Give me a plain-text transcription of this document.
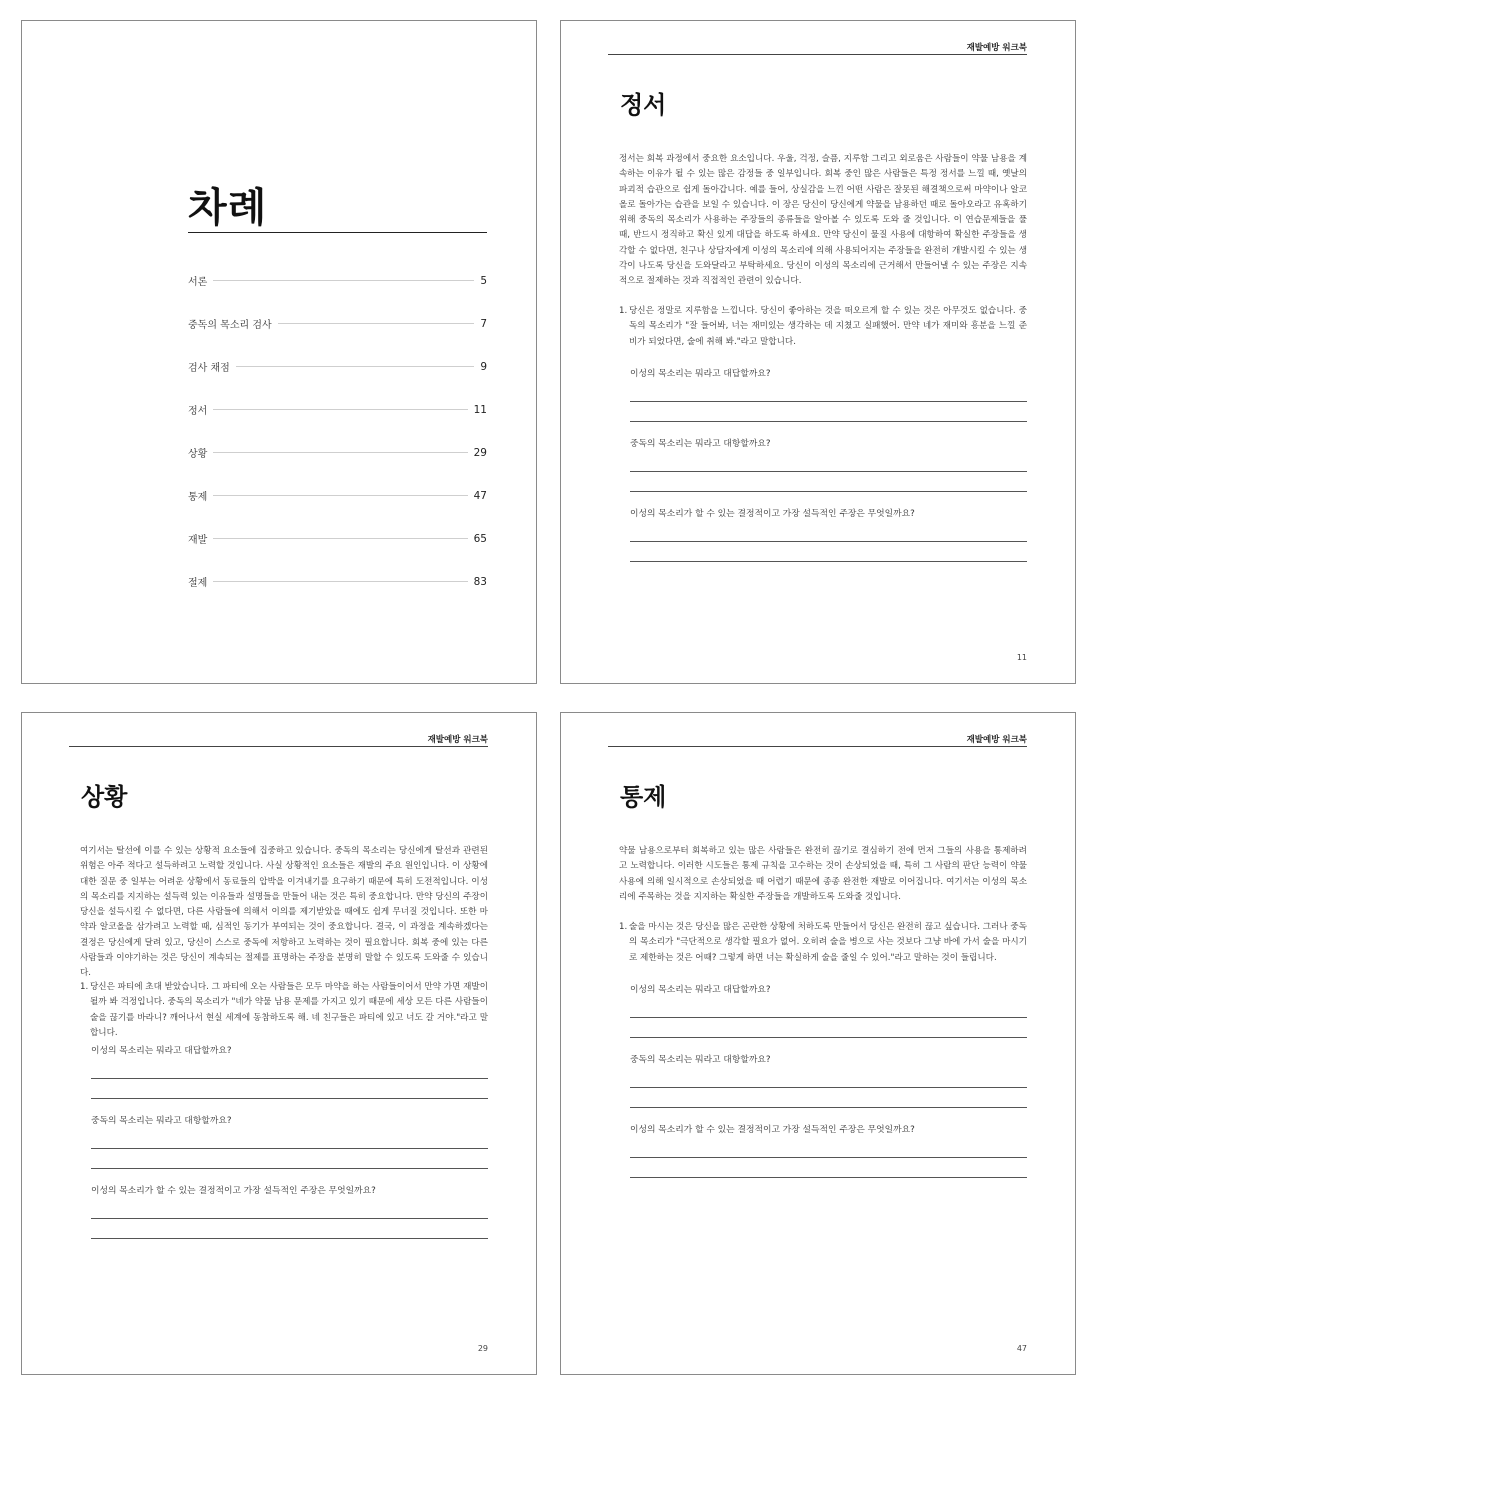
차례
서론	5
중독의 목소리 검사	7
검사 채점	9
정서	11
상황	29
통제	47
재발	65
절제	83
재발예방 워크북
정서

정서는 회복 과정에서 중요한 요소입니다. 우울, 걱정, 슬픔, 지루함 그리고 외로움은 사람들이 약물 남용을 계속하는 이유가 될 수 있는 많은 감정들 중 일부입니다. 회복 중인 많은 사람들은 특정 정서를 느낄 때, 옛날의 파괴적 습관으로 쉽게 돌아갑니다. 예를 들어, 상실감을 느낀 어떤 사람은 잘못된 해결책으로써 마약이나 알코올로 돌아가는 습관을 보일 수 있습니다. 이 장은 당신이 당신에게 약물을 남용하던 때로 돌아오라고 유혹하기 위해 중독의 목소리가 사용하는 주장들의 종류들을 알아볼 수 있도록 도와 줄 것입니다. 이 연습문제들을 풀 때, 반드시 정직하고 확신 있게 대답을 하도록 하세요. 만약 당신이 물질 사용에 대항하여 확실한 주장들을 생각할 수 없다면, 친구나 상담자에게 이성의 목소리에 의해 사용되어지는 주장들을 완전히 개발시킬 수 있는 생각이 나도록 당신을 도와달라고 부탁하세요. 당신이 이성의 목소리에 근거해서 만들어낼 수 있는 주장은 지속적으로 절제하는 것과 직접적인 관련이 있습니다.

1. 당신은 정말로 지루함을 느낍니다. 당신이 좋아하는 것을 떠오르게 할 수 있는 것은 아무것도 없습니다. 중독의 목소리가 "잘 들어봐, 너는 재미있는 생각하는 데 지쳤고 실패했어. 만약 네가 재미와 흥분을 느낄 준비가 되었다면, 술에 취해 봐."라고 말합니다.
이성의 목소리는 뭐라고 대답할까요?
중독의 목소리는 뭐라고 대항할까요?
이성의 목소리가 할 수 있는 결정적이고 가장 설득적인 주장은 무엇일까요?
11
재발예방 워크북
상황

여기서는 탈선에 이를 수 있는 상황적 요소들에 집중하고 있습니다. 중독의 목소리는 당신에게 탈선과 관련된 위험은 아주 적다고 설득하려고 노력할 것입니다. 사실 상황적인 요소들은 재발의 주요 원인입니다. 이 상황에 대한 질문 중 일부는 어려운 상황에서 동료들의 압박을 이겨내기를 요구하기 때문에 특히 도전적입니다. 이성의 목소리를 지지하는 설득력 있는 이유들과 설명들을 만들어 내는 것은 특히 중요합니다. 만약 당신의 주장이 당신을 설득시킬 수 없다면, 다른 사람들에 의해서 이의를 제기받았을 때에도 쉽게 무너질 것입니다. 또한 마약과 알코올을 삼가려고 노력할 때, 심적인 동기가 부여되는 것이 중요합니다. 결국, 이 과정을 계속하겠다는 결정은 당신에게 달려 있고, 당신이 스스로 중독에 저항하고 노력하는 것이 필요합니다. 회복 중에 있는 다른 사람들과 이야기하는 것은 당신이 계속되는 절제를 표명하는 주장을 분명히 말할 수 있도록 도와줄 수 있습니다.

1. 당신은 파티에 초대 받았습니다. 그 파티에 오는 사람들은 모두 마약을 하는 사람들이어서 만약 가면 재발이 될까 봐 걱정입니다. 중독의 목소리가 "네가 약물 남용 문제를 가지고 있기 때문에 세상 모든 다른 사람들이 술을 끊기를 바라니? 깨어나서 현실 세계에 동참하도록 해. 네 친구들은 파티에 있고 너도 갈 거야."라고 말합니다.
이성의 목소리는 뭐라고 대답할까요?
중독의 목소리는 뭐라고 대항할까요?
이성의 목소리가 할 수 있는 결정적이고 가장 설득적인 주장은 무엇일까요?
29
재발예방 워크북
통제

약물 남용으로부터 회복하고 있는 많은 사람들은 완전히 끊기로 결심하기 전에 먼저 그들의 사용을 통제하려고 노력합니다. 이러한 시도들은 통제 규칙을 고수하는 것이 손상되었을 때, 특히 그 사람의 판단 능력이 약물 사용에 의해 일시적으로 손상되었을 때 어렵기 때문에 종종 완전한 재발로 이어집니다. 여기서는 이성의 목소리에 주목하는 것을 지지하는 확실한 주장들을 개발하도록 도와줄 것입니다.

1. 술을 마시는 것은 당신을 많은 곤란한 상황에 처하도록 만들어서 당신은 완전히 끊고 싶습니다. 그러나 중독의 목소리가 "극단적으로 생각할 필요가 없어. 오히려 술을 병으로 사는 것보다 그냥 바에 가서 술을 마시기로 제한하는 것은 어때? 그렇게 하면 너는 확실하게 술을 줄일 수 있어."라고 말하는 것이 들립니다.
이성의 목소리는 뭐라고 대답할까요?
중독의 목소리는 뭐라고 대항할까요?
이성의 목소리가 할 수 있는 결정적이고 가장 설득적인 주장은 무엇일까요?
47
